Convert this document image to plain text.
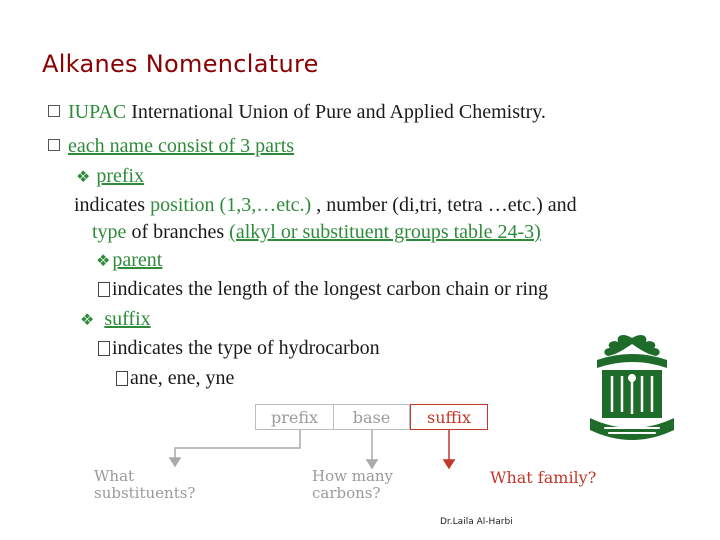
Alkanes Nomenclature
IUPAC International Union of Pure and Applied Chemistry.
each name consist of 3 parts
❖ prefix
indicates position (1,3,…etc.) , number (di,tri, tetra …etc.) and
type of branches (alkyl or substituent groups table 24-3)
❖ parent
indicates the length of the longest carbon chain or ring
❖ suffix
indicates the type of hydrocarbon
ane, ene, yne
prefix	base	suffix
What
substituents?
How many
carbons?
What family?
Dr.Laila Al-Harbi
